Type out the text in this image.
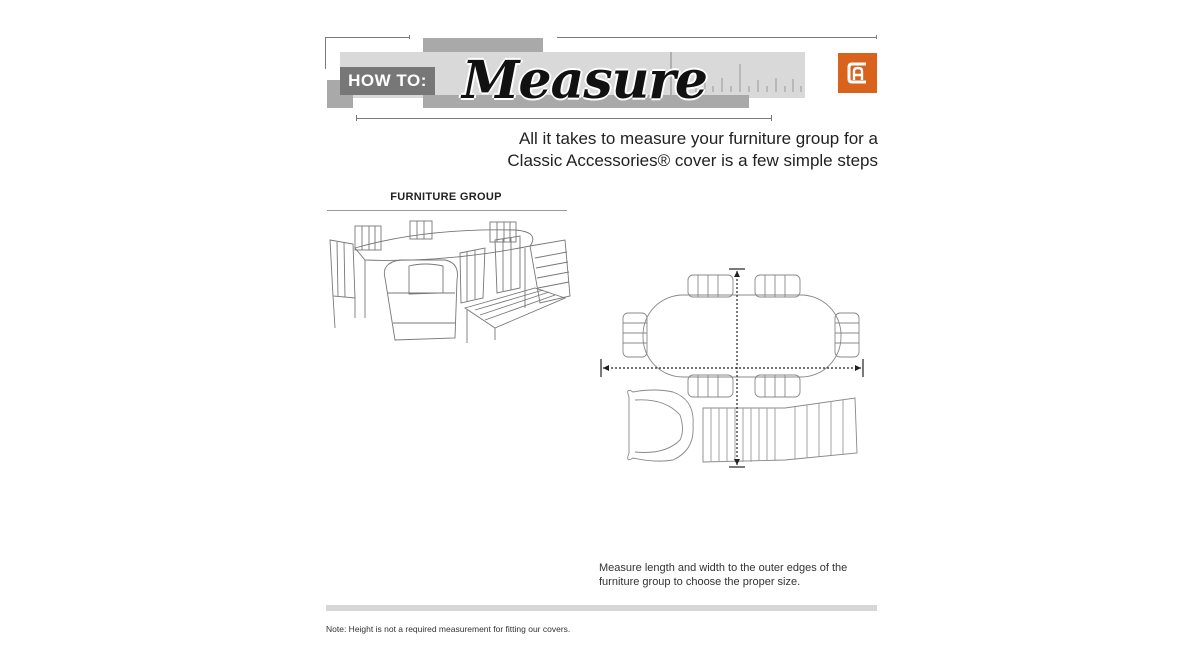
HOW TO: Measure
All it takes to measure your furniture group for a
Classic Accessories® cover is a few simple steps
FURNITURE GROUP
Measure length and width to the outer edges of the
furniture group to choose the proper size.
Note: Height is not a required measurement for fitting our covers.
